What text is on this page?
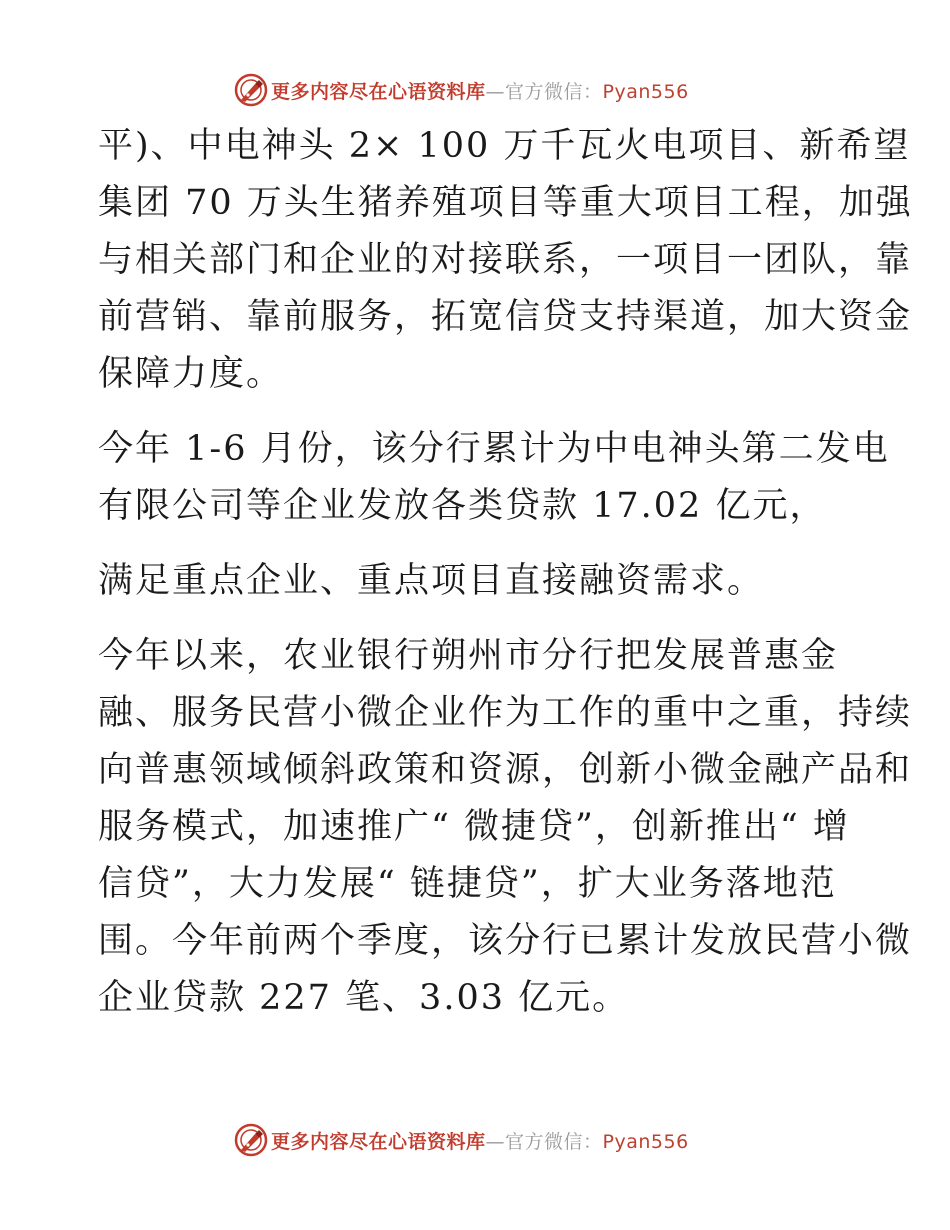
更多内容尽在心语资料库—官方微信：Pyan556
平)、中电神头 2× 100 万千瓦火电项目、新希望
集团 70 万头生猪养殖项目等重大项目工程，加强
与相关部门和企业的对接联系，一项目一团队，靠
前营销、靠前服务，拓宽信贷支持渠道，加大资金
保障力度。
今年 1-6 月份，该分行累计为中电神头第二发电
有限公司等企业发放各类贷款 17.02 亿元，
满足重点企业、重点项目直接融资需求。
今年以来，农业银行朔州市分行把发展普惠金
融、服务民营小微企业作为工作的重中之重，持续
向普惠领域倾斜政策和资源，创新小微金融产品和
服务模式，加速推广“ 微捷贷”，创新推出“ 增
信贷”，大力发展“ 链捷贷”，扩大业务落地范
围。今年前两个季度，该分行已累计发放民营小微
企业贷款 227 笔、3.03 亿元。
更多内容尽在心语资料库—官方微信：Pyan556
